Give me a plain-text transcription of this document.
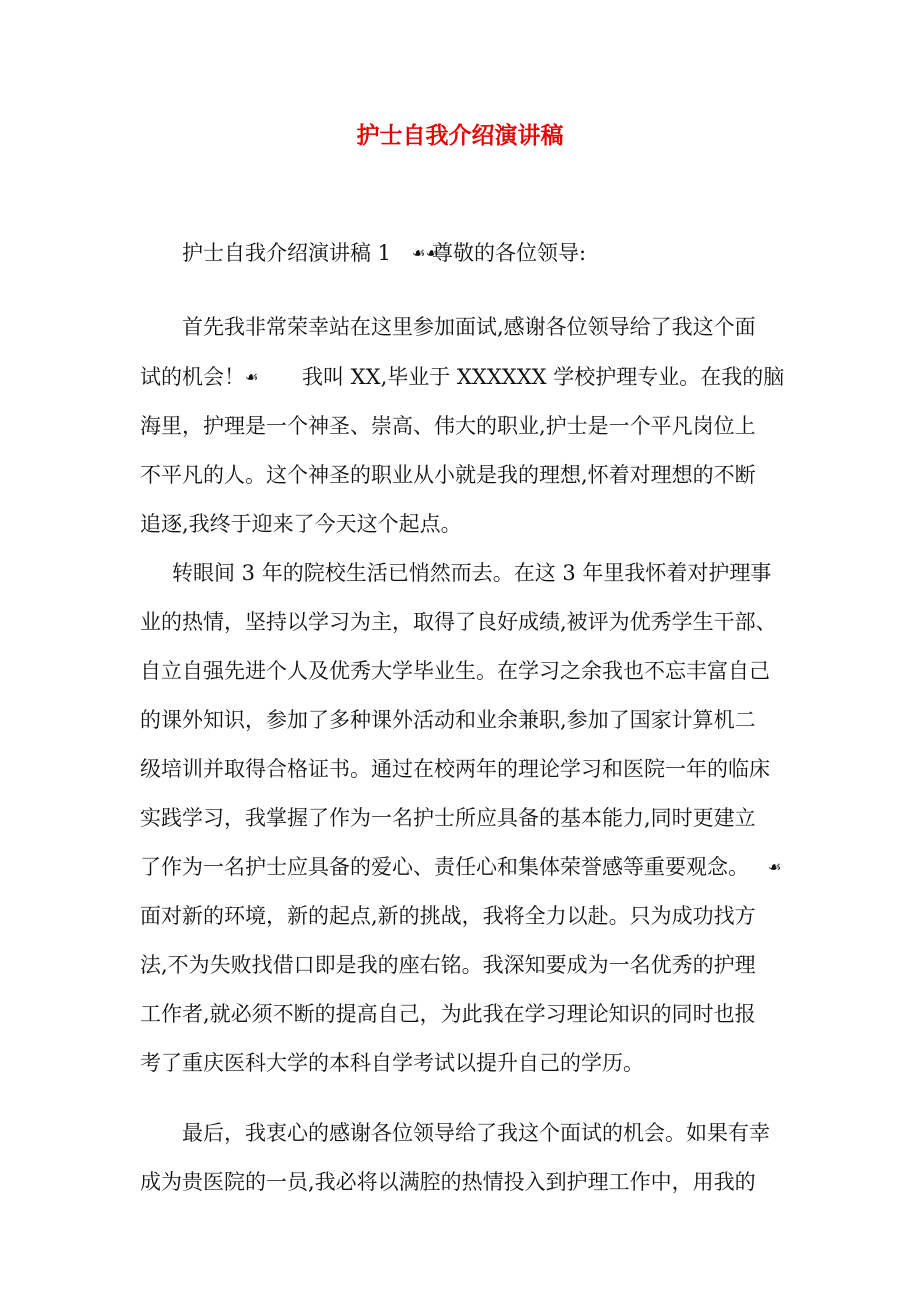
护士自我介绍演讲稿
护士自我介绍演讲稿 1 ☙☙
尊敬的各位领导:
首先我非常荣幸站在这里参加面试,感谢各位领导给了我这个面
试的机会！ ☙ 我叫 XX,毕业于 XXXXXX 学校护理专业。在我的脑
海里，护理是一个神圣、崇高、伟大的职业,护士是一个平凡岗位上
不平凡的人。这个神圣的职业从小就是我的理想,怀着对理想的不断
追逐,我终于迎来了今天这个起点。
转眼间 3 年的院校生活已悄然而去。在这 3 年里我怀着对护理事
业的热情，坚持以学习为主，取得了良好成绩,被评为优秀学生干部、
自立自强先进个人及优秀大学毕业生。在学习之余我也不忘丰富自己
的课外知识，参加了多种课外活动和业余兼职,参加了国家计算机二
级培训并取得合格证书。通过在校两年的理论学习和医院一年的临床
实践学习，我掌握了作为一名护士所应具备的基本能力,同时更建立
了作为一名护士应具备的爱心、责任心和集体荣誉感等重要观念。 ☙
面对新的环境，新的起点,新的挑战，我将全力以赴。只为成功找方
法,不为失败找借口即是我的座右铭。我深知要成为一名优秀的护理
工作者,就必须不断的提高自己，为此我在学习理论知识的同时也报
考了重庆医科大学的本科自学考试以提升自己的学历。
最后，我衷心的感谢各位领导给了我这个面试的机会。如果有幸
成为贵医院的一员,我必将以满腔的热情投入到护理工作中，用我的
